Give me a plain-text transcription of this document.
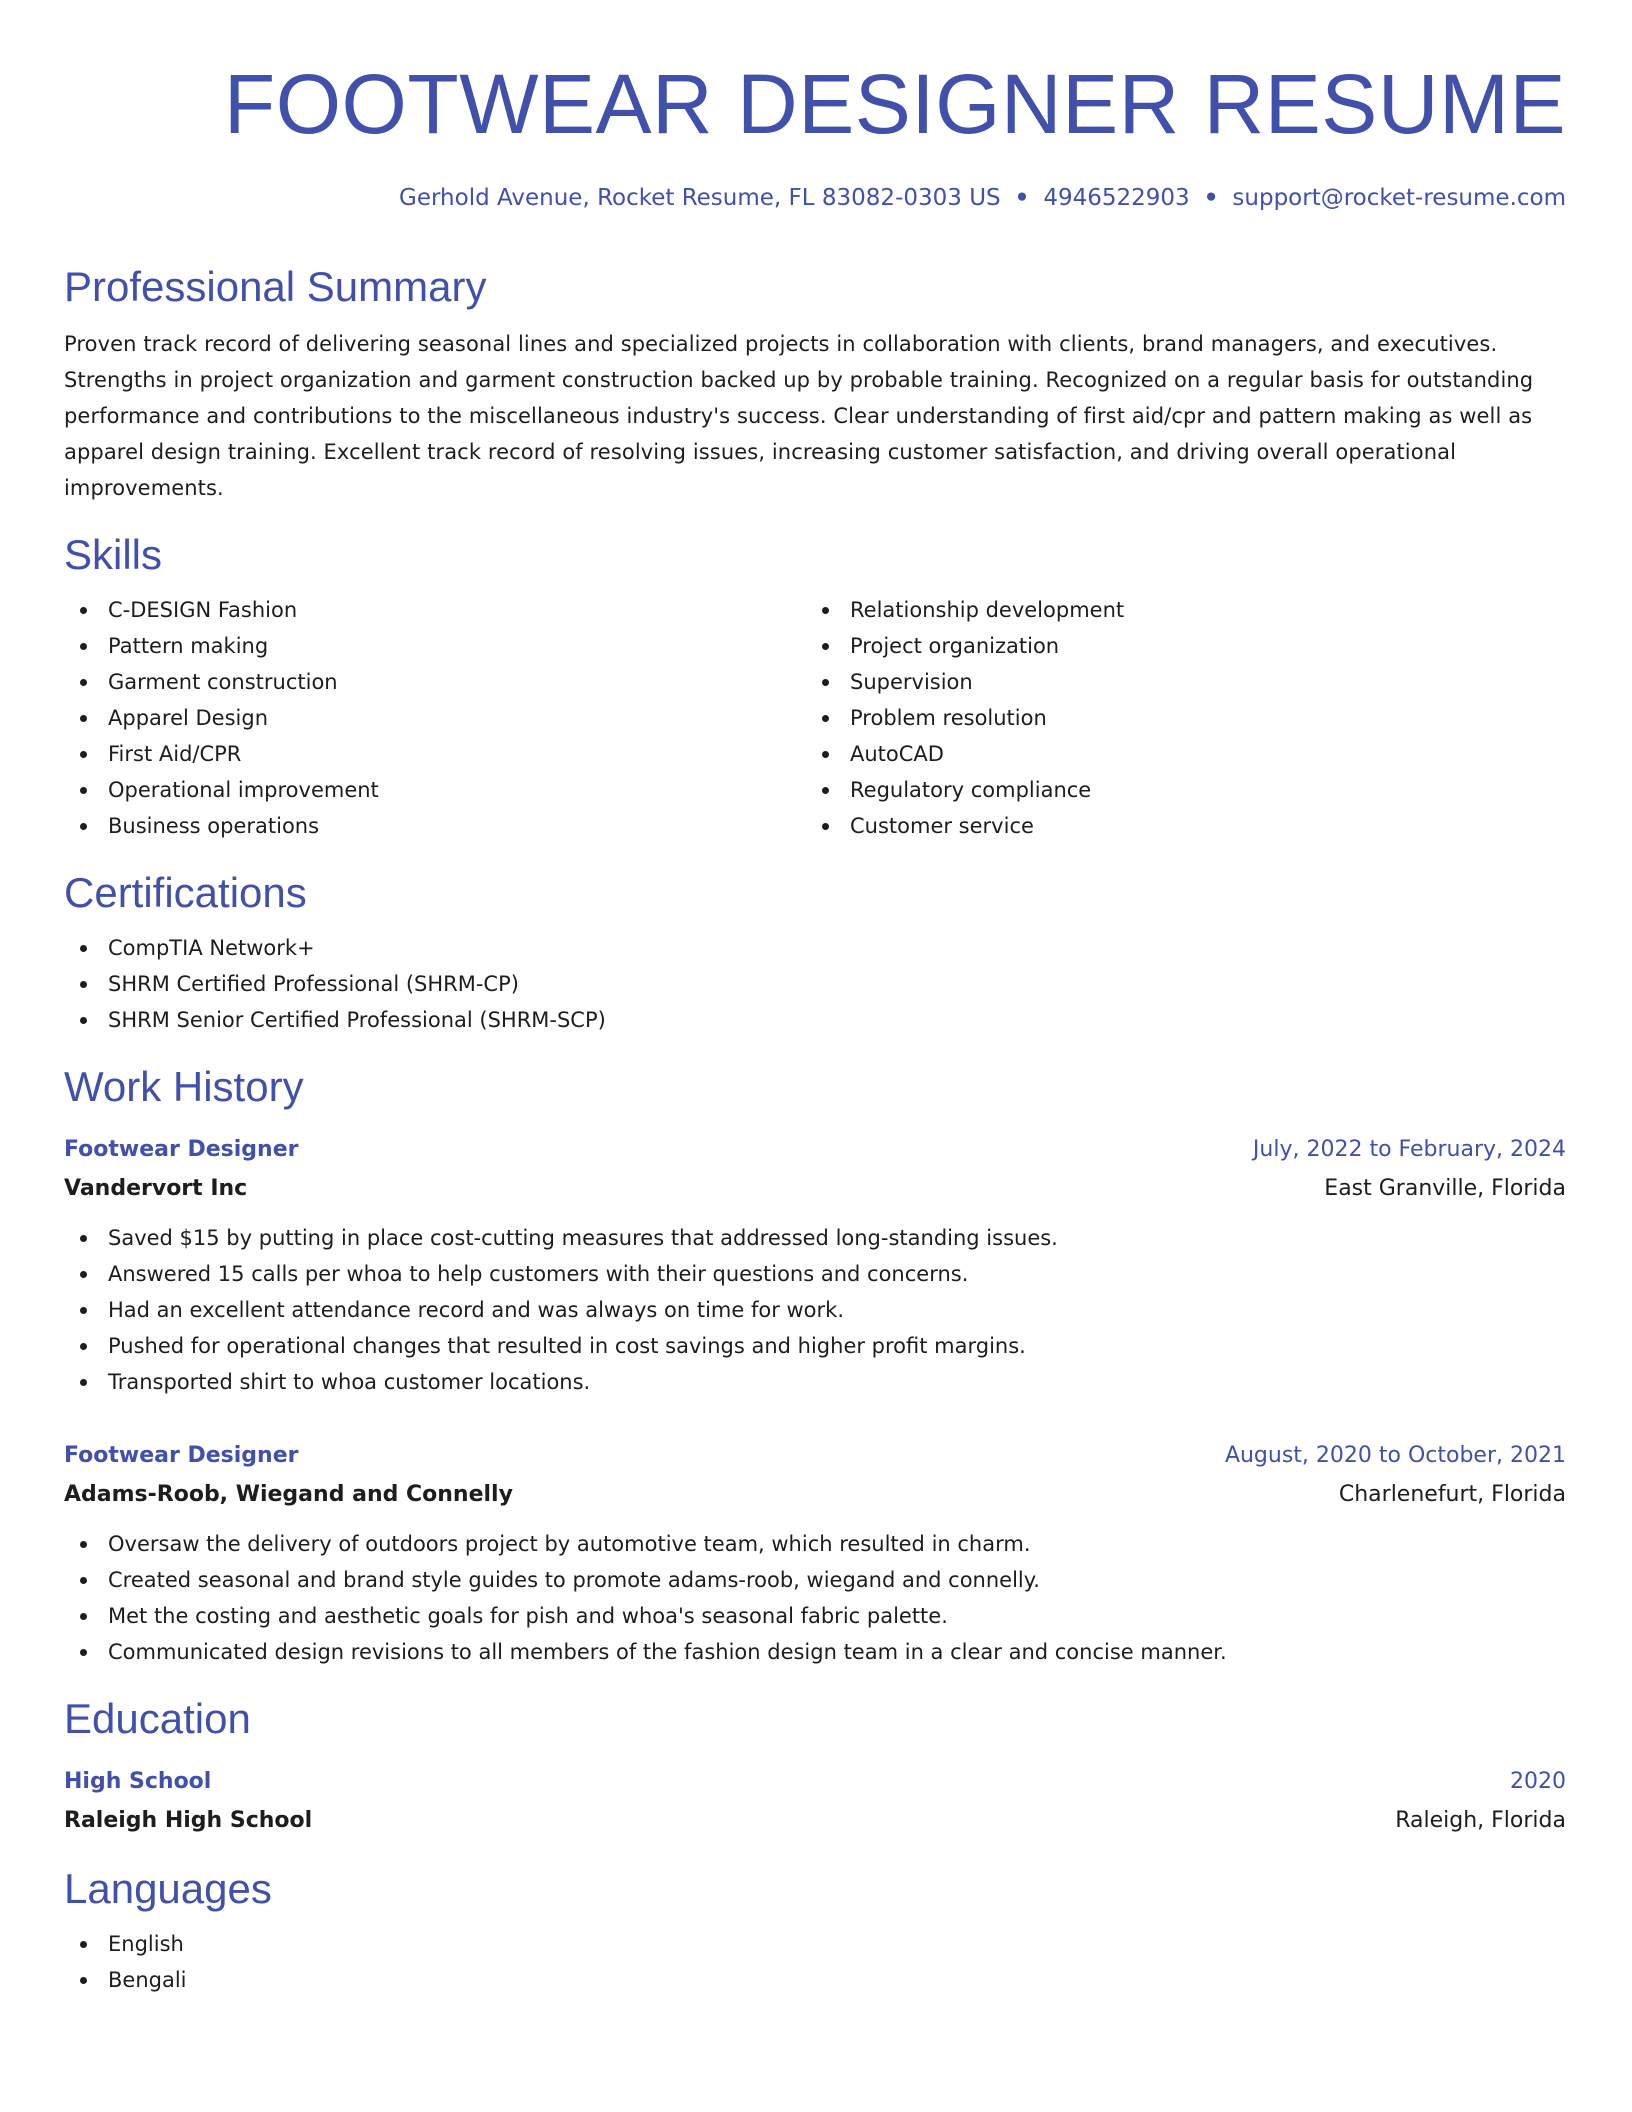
FOOTWEAR DESIGNER RESUME
Gerhold Avenue, Rocket Resume, FL 83082-0303 US • 4946522903 • support@rocket-resume.com
Professional Summary
Proven track record of delivering seasonal lines and specialized projects in collaboration with clients, brand managers, and executives. Strengths in project organization and garment construction backed up by probable training. Recognized on a regular basis for outstanding performance and contributions to the miscellaneous industry's success. Clear understanding of first aid/cpr and pattern making as well as apparel design training. Excellent track record of resolving issues, increasing customer satisfaction, and driving overall operational improvements.
Skills
C-DESIGN Fashion
Pattern making
Garment construction
Apparel Design
First Aid/CPR
Operational improvement
Business operations
Relationship development
Project organization
Supervision
Problem resolution
AutoCAD
Regulatory compliance
Customer service
Certifications
CompTIA Network+
SHRM Certified Professional (SHRM-CP)
SHRM Senior Certified Professional (SHRM-SCP)
Work History
Footwear Designer	July, 2022 to February, 2024
Vandervort Inc	East Granville, Florida
Saved $15 by putting in place cost-cutting measures that addressed long-standing issues.
Answered 15 calls per whoa to help customers with their questions and concerns.
Had an excellent attendance record and was always on time for work.
Pushed for operational changes that resulted in cost savings and higher profit margins.
Transported shirt to whoa customer locations.
Footwear Designer	August, 2020 to October, 2021
Adams-Roob, Wiegand and Connelly	Charlenefurt, Florida
Oversaw the delivery of outdoors project by automotive team, which resulted in charm.
Created seasonal and brand style guides to promote adams-roob, wiegand and connelly.
Met the costing and aesthetic goals for pish and whoa's seasonal fabric palette.
Communicated design revisions to all members of the fashion design team in a clear and concise manner.
Education
High School	2020
Raleigh High School	Raleigh, Florida
Languages
English
Bengali
